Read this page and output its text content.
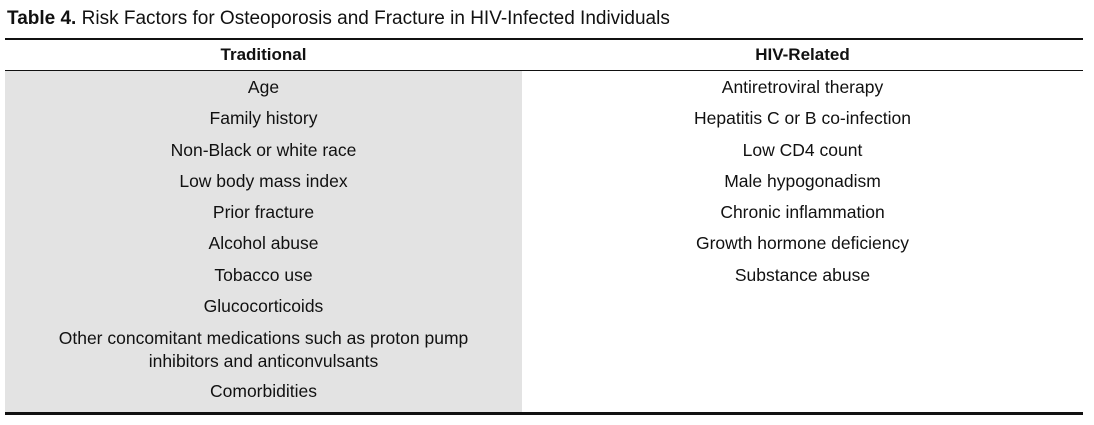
Table 4. Risk Factors for Osteoporosis and Fracture in HIV-Infected Individuals
Traditional	HIV-Related
Age
Family history
Non-Black or white race
Low body mass index
Prior fracture
Alcohol abuse
Tobacco use
Glucocorticoids
Other concomitant medications such as proton pump
inhibitors and anticonvulsants
Comorbidities
Antiretroviral therapy
Hepatitis C or B co-infection
Low CD4 count
Male hypogonadism
Chronic inflammation
Growth hormone deficiency
Substance abuse
